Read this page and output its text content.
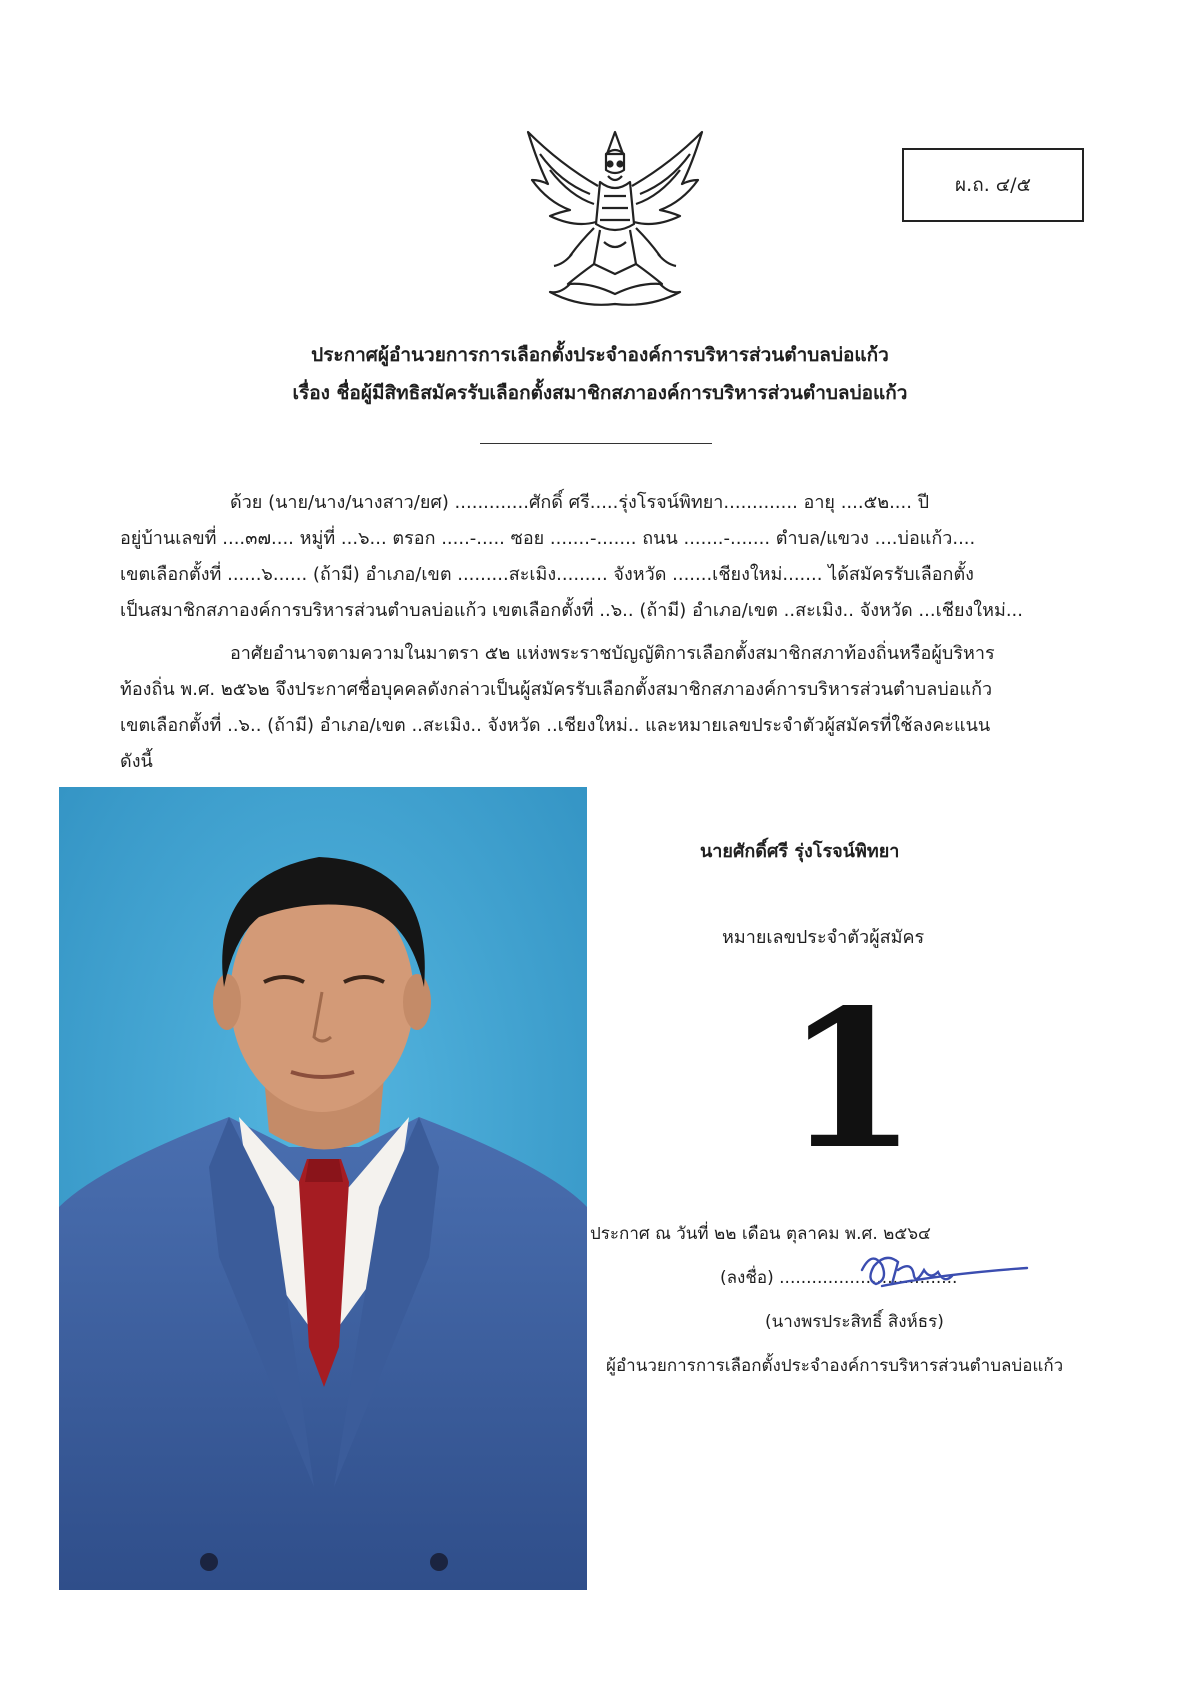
ผ.ถ. ๔/๕
ประกาศผู้อำนวยการการเลือกตั้งประจำองค์การบริหารส่วนตำบลบ่อแก้ว
เรื่อง ชื่อผู้มีสิทธิสมัครรับเลือกตั้งสมาชิกสภาองค์การบริหารส่วนตำบลบ่อแก้ว
ด้วย (นาย/นาง/นางสาว/ยศ) .............ศักดิ์ ศรี.....รุ่งโรจน์พิทยา............. อายุ ....๕๒.... ปี
อยู่บ้านเลขที่ ....๓๗.... หมู่ที่ ...๖... ตรอก .....-..... ซอย .......-....... ถนน .......-....... ตำบล/แขวง ....บ่อแก้ว....
เขตเลือกตั้งที่ ......๖...... (ถ้ามี) อำเภอ/เขต .........สะเมิง......... จังหวัด .......เชียงใหม่....... ได้สมัครรับเลือกตั้ง
เป็นสมาชิกสภาองค์การบริหารส่วนตำบลบ่อแก้ว เขตเลือกตั้งที่ ..๖.. (ถ้ามี) อำเภอ/เขต ..สะเมิง.. จังหวัด ...เชียงใหม่...
อาศัยอำนาจตามความในมาตรา ๕๒ แห่งพระราชบัญญัติการเลือกตั้งสมาชิกสภาท้องถิ่นหรือผู้บริหาร
ท้องถิ่น พ.ศ. ๒๕๖๒ จึงประกาศชื่อบุคคลดังกล่าวเป็นผู้สมัครรับเลือกตั้งสมาชิกสภาองค์การบริหารส่วนตำบลบ่อแก้ว
เขตเลือกตั้งที่ ..๖.. (ถ้ามี) อำเภอ/เขต ..สะเมิง.. จังหวัด ..เชียงใหม่.. และหมายเลขประจำตัวผู้สมัครที่ใช้ลงคะแนน
ดังนี้
นายศักดิ์ศรี รุ่งโรจน์พิทยา
หมายเลขประจำตัวผู้สมัคร
1
ประกาศ ณ วันที่ ๒๒ เดือน ตุลาคม พ.ศ. ๒๕๖๔
(ลงชื่อ) .................................
(นางพรประสิทธิ์ สิงห์ธร)
ผู้อำนวยการการเลือกตั้งประจำองค์การบริหารส่วนตำบลบ่อแก้ว
